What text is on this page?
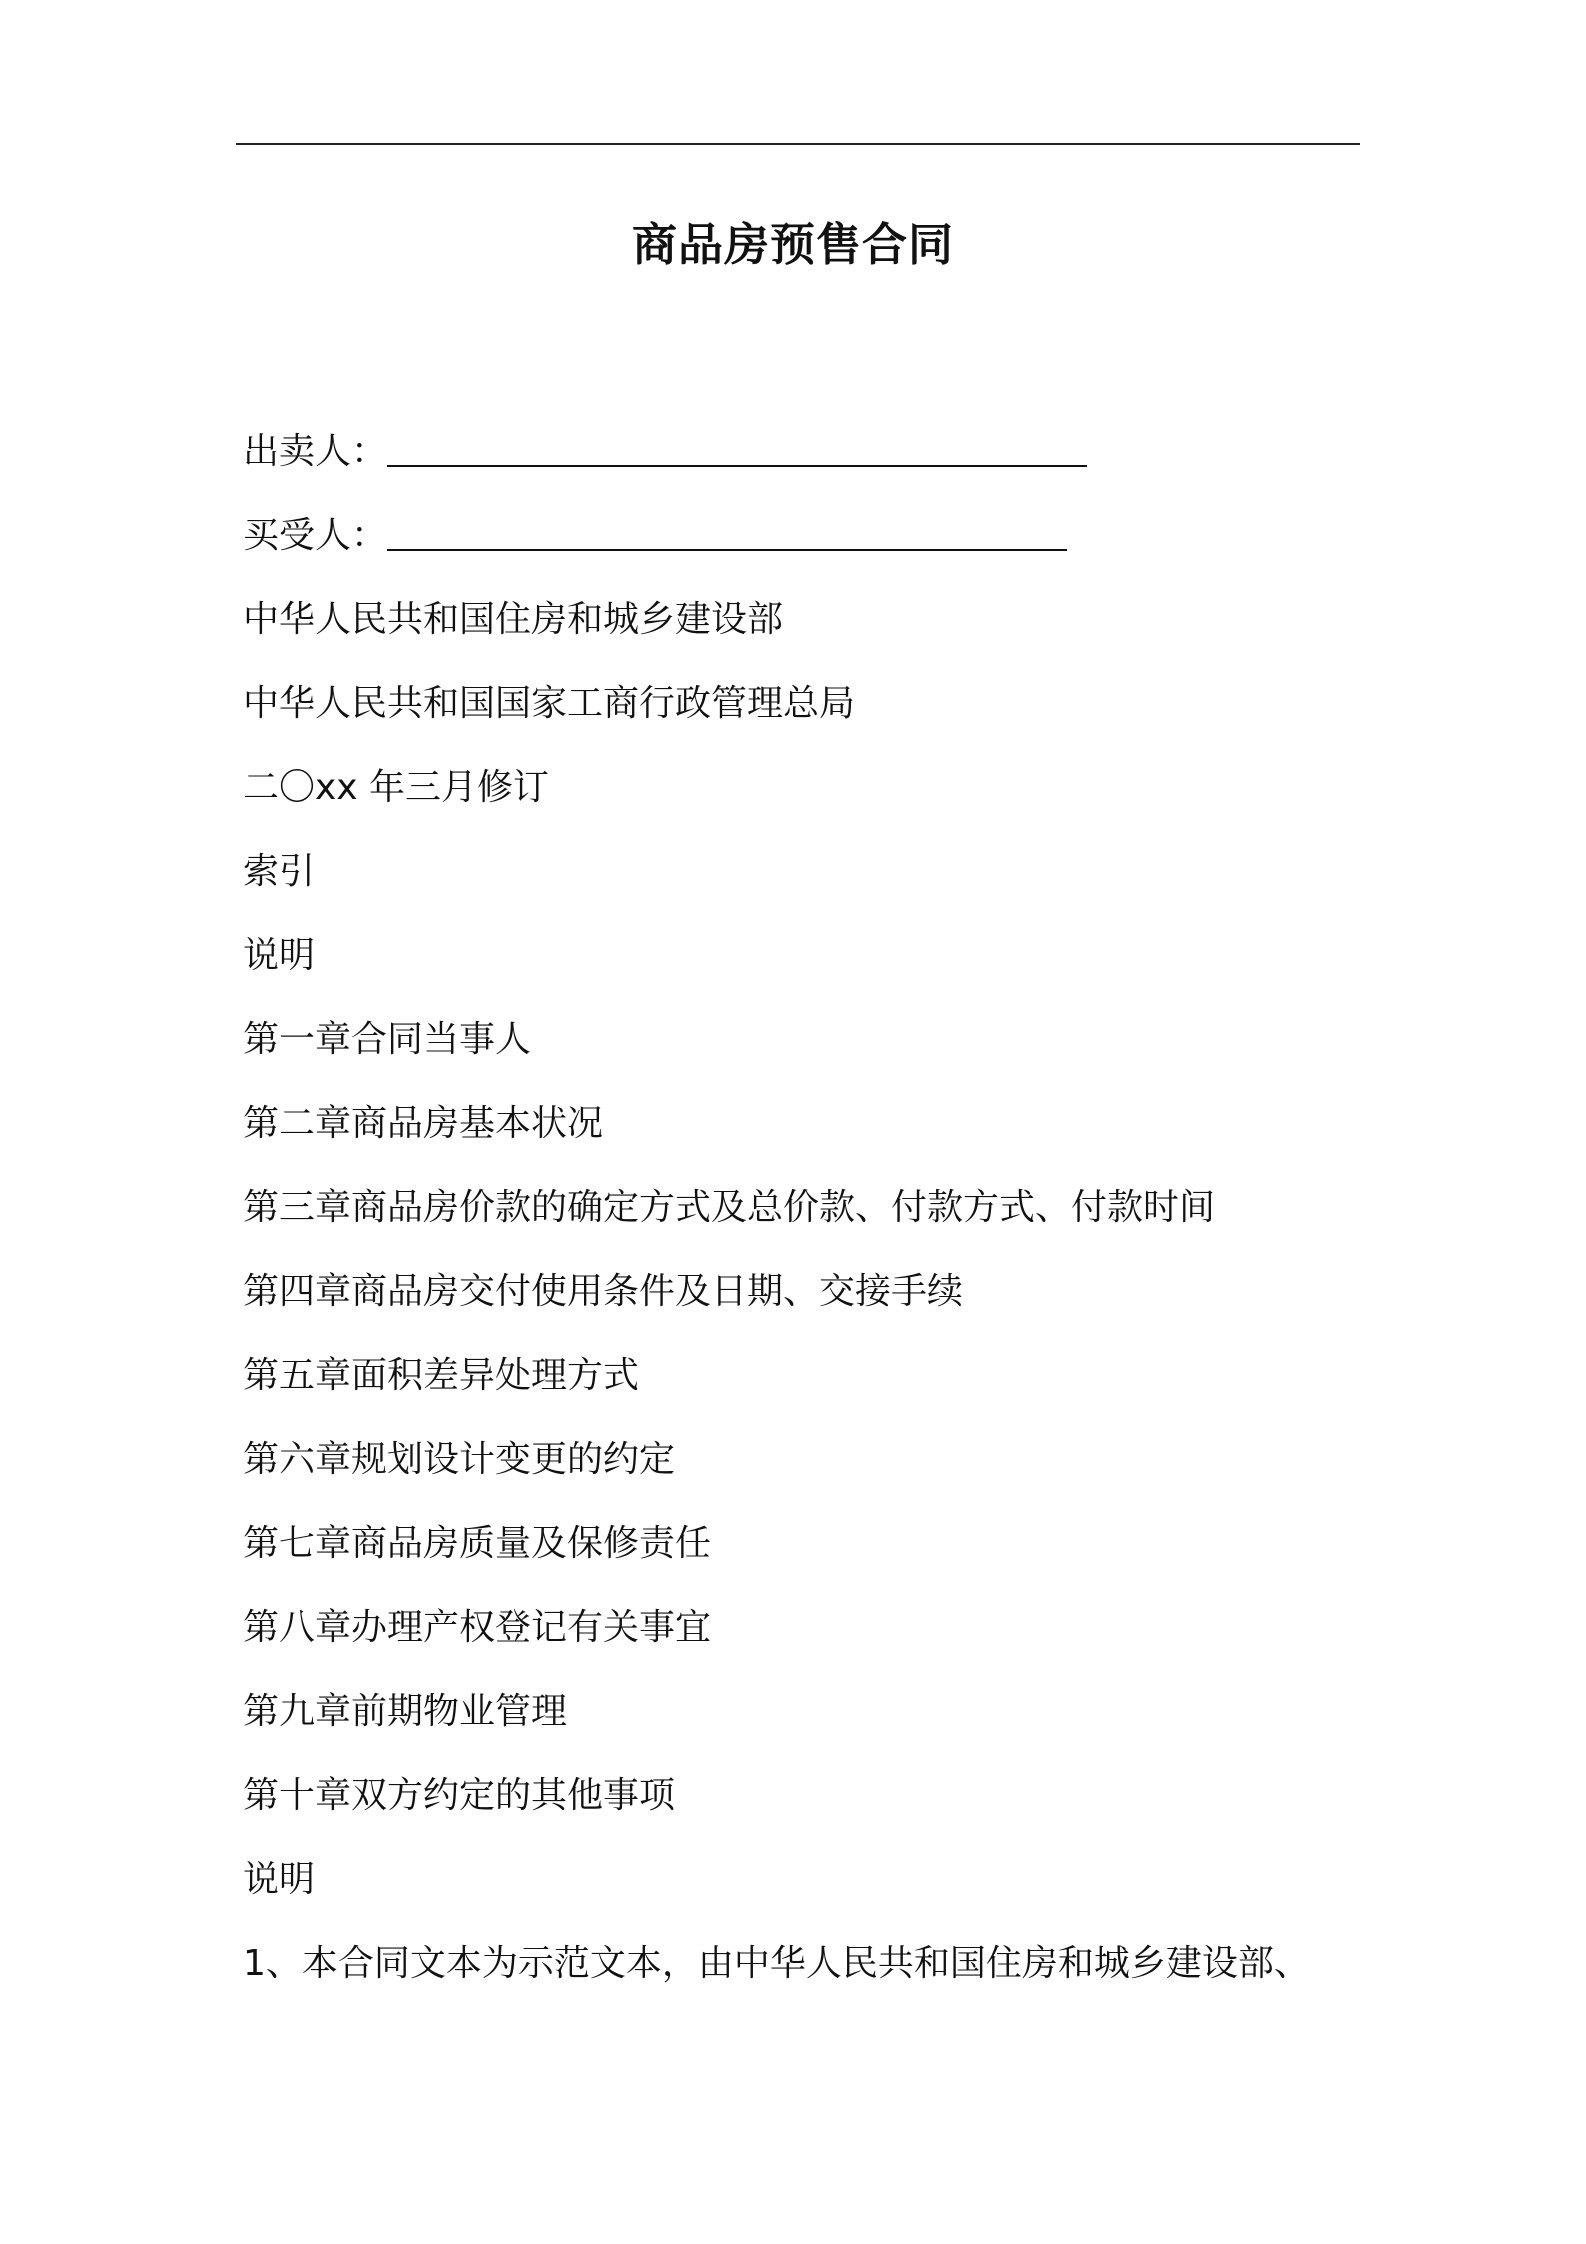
商品房预售合同
出卖人：
买受人：
中华人民共和国住房和城乡建设部
中华人民共和国国家工商行政管理总局
二〇xx 年三月修订
索引
说明
第一章合同当事人
第二章商品房基本状况
第三章商品房价款的确定方式及总价款、付款方式、付款时间
第四章商品房交付使用条件及日期、交接手续
第五章面积差异处理方式
第六章规划设计变更的约定
第七章商品房质量及保修责任
第八章办理产权登记有关事宜
第九章前期物业管理
第十章双方约定的其他事项
说明
1、本合同文本为示范文本，由中华人民共和国住房和城乡建设部、
